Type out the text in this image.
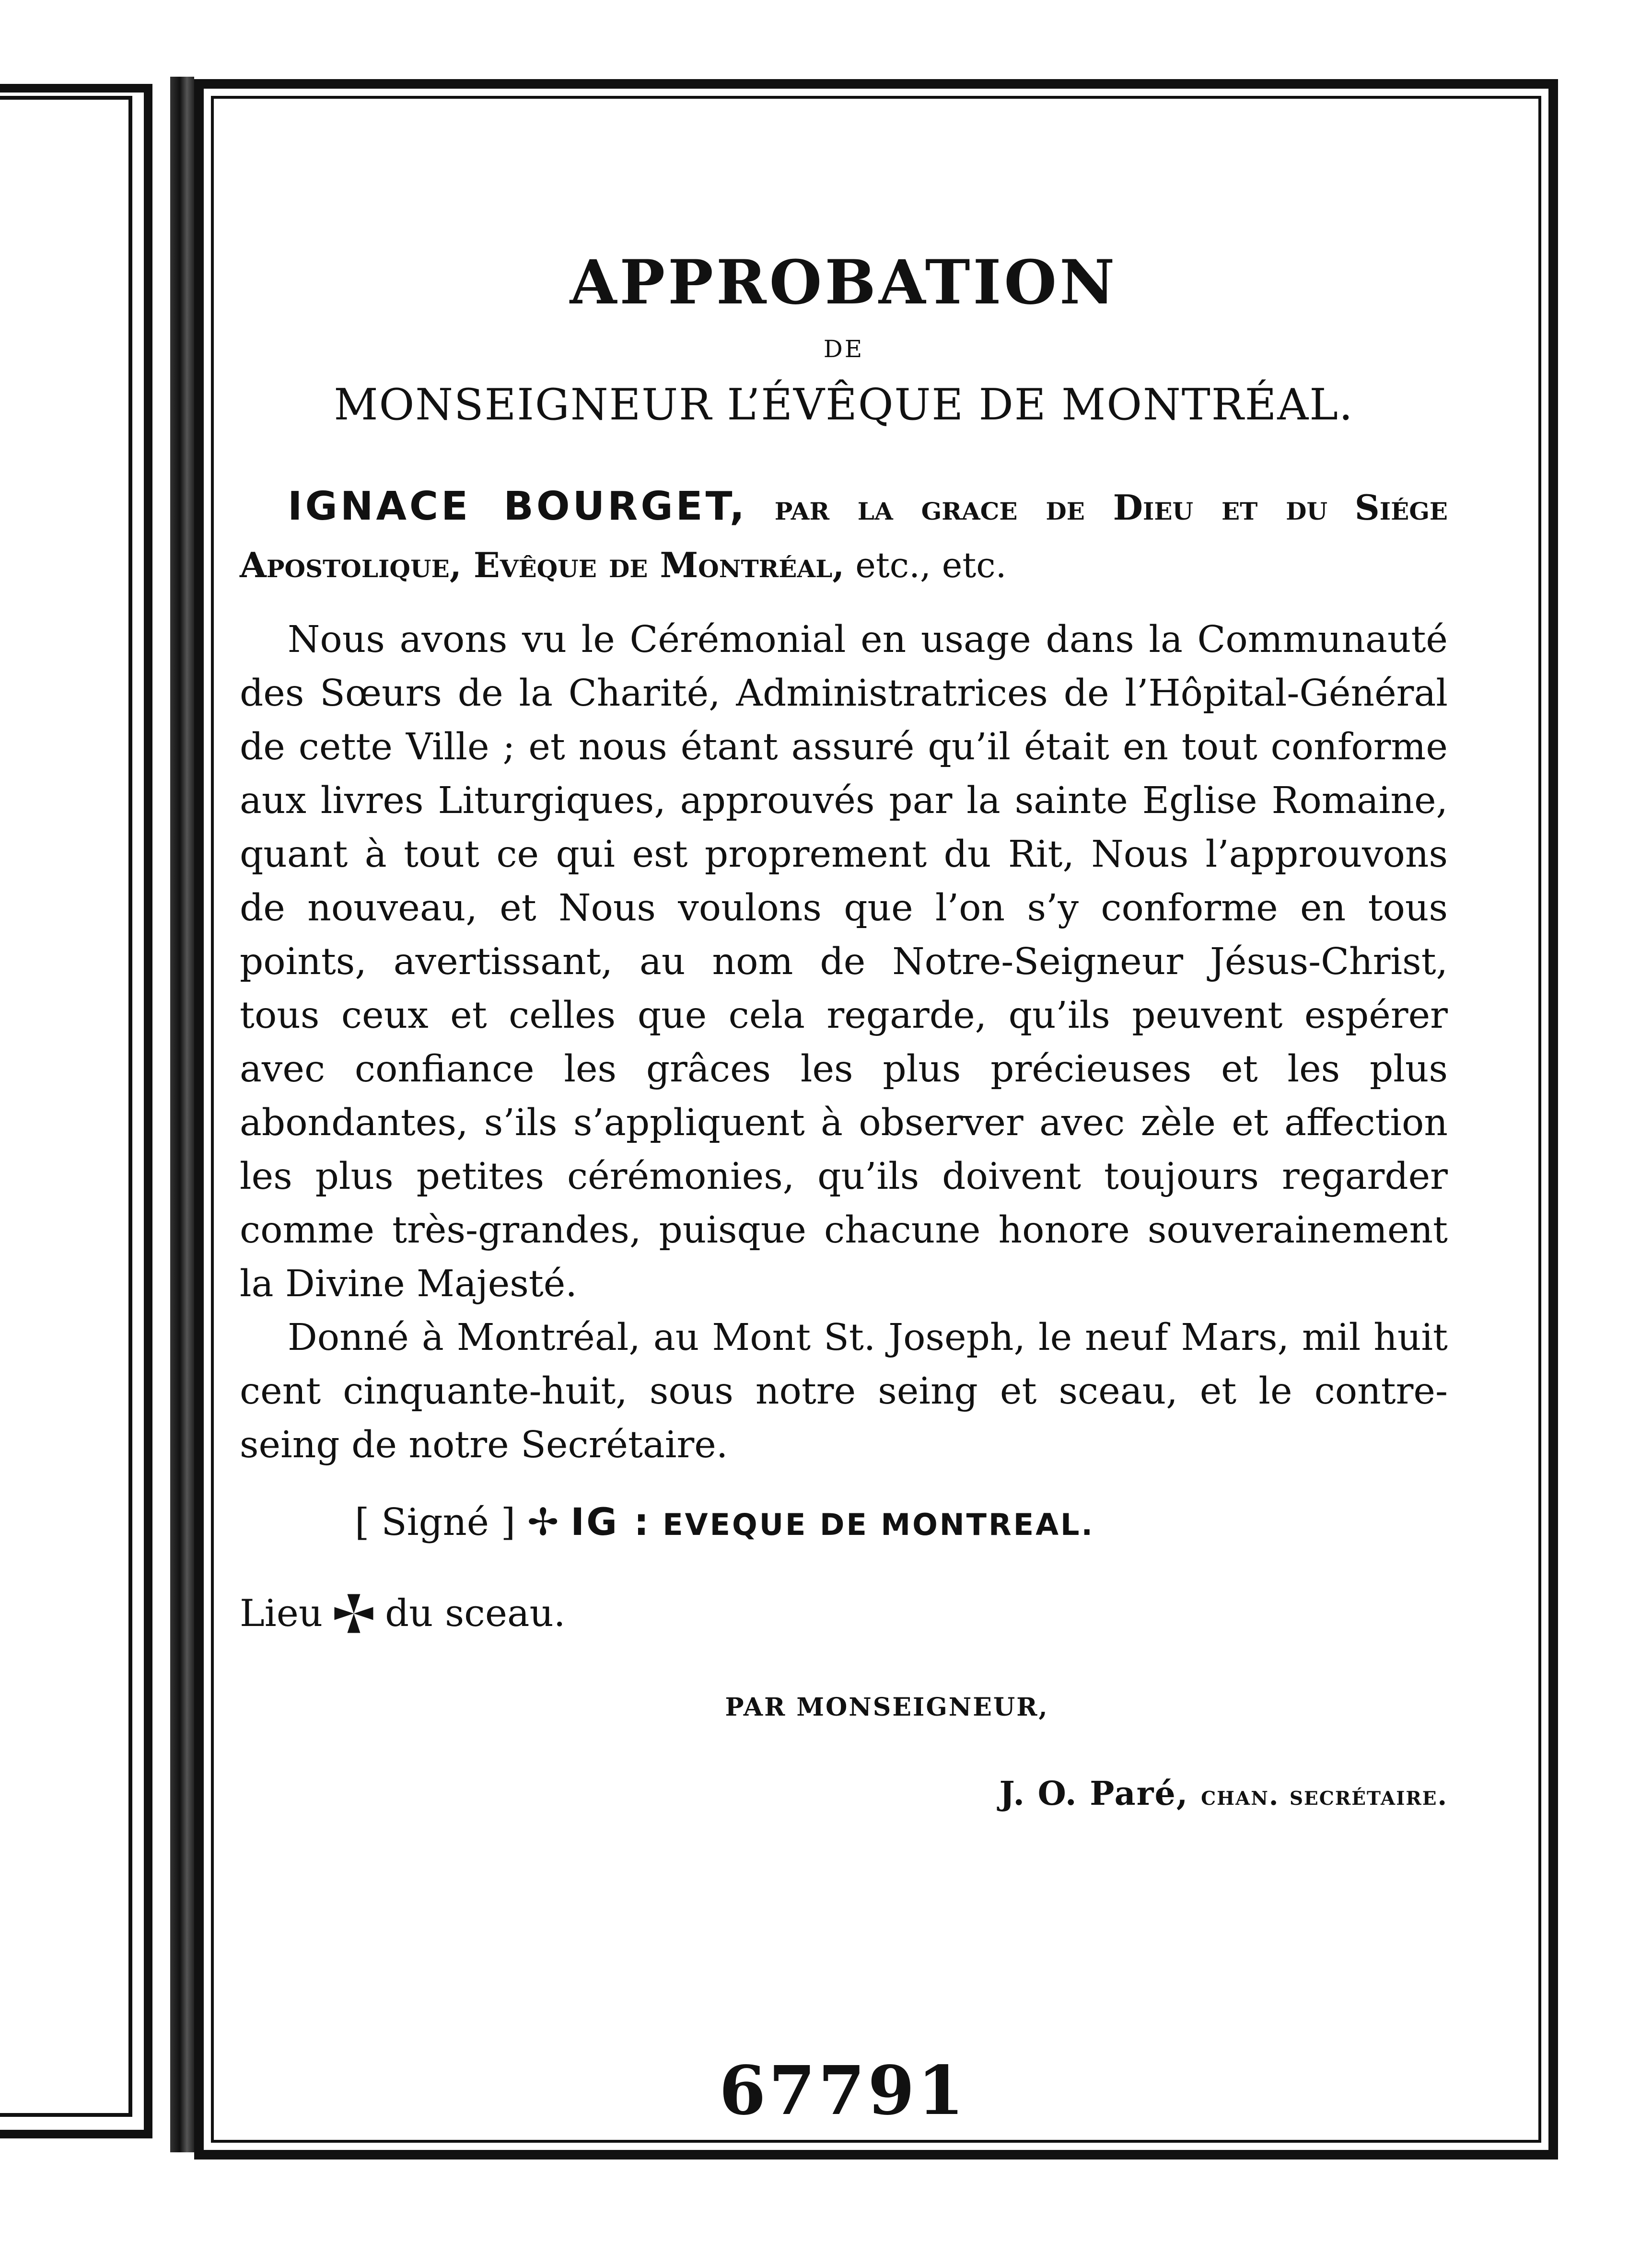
APPROBATION
DE
MONSEIGNEUR L’ÉVÊQUE DE MONTRÉAL.
IGNACE BOURGET, par la grace de Dieu et du Siége Apostolique, Evêque de Montréal, etc., etc.

Nous avons vu le Cérémonial en usage dans la Communauté des Sœurs de la Charité, Administratrices de l’Hôpital-Général de cette Ville ; et nous étant assuré qu’il était en tout conforme aux livres Liturgiques, approuvés par la sainte Eglise Romaine, quant à tout ce qui est proprement du Rit, Nous l’approuvons de nouveau, et Nous voulons que l’on s’y conforme en tous points, avertissant, au nom de Notre-Seigneur Jésus-Christ, tous ceux et celles que cela regarde, qu’ils peuvent espérer avec confiance les grâces les plus précieuses et les plus abondantes, s’ils s’appliquent à observer avec zèle et affection les plus petites cérémonies, qu’ils doivent toujours regarder comme très-grandes, puisque chacune honore souverainement la Divine Majesté.

Donné à Montréal, au Mont St. Joseph, le neuf Mars, mil huit cent cinquante-huit, sous notre seing et sceau, et le contre-seing de notre Secrétaire.

[ Signé ] ✢ IG : EVEQUE DE MONTREAL.
Lieu du sceau.
PAR MONSEIGNEUR,
J. O. Paré, chan. secrétaire.
67791
